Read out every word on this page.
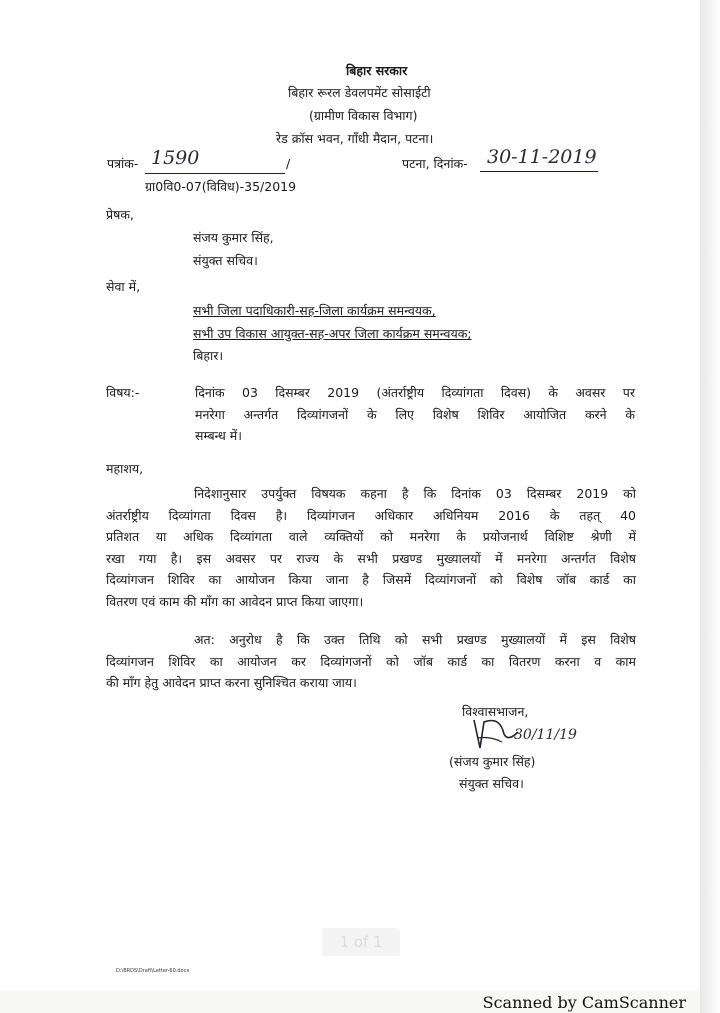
बिहार सरकार
बिहार रूरल डेवलपमेंट सोसाईटी
(ग्रामीण विकास विभाग)
रेड क्रॉस भवन, गाँधी मैदान, पटना।
पत्रांक- 1590	/	पटना, दिनांक- 30-11-2019
ग्रा0वि0-07(विविध)-35/2019
प्रेषक,
संजय कुमार सिंह,
संयुक्त सचिव।
सेवा में,
सभी जिला पदाधिकारी-सह-जिला कार्यक्रम समन्वयक,
सभी उप विकास आयुक्त-सह-अपर जिला कार्यक्रम समन्वयक;
बिहार।
विषय:-	दिनांक 03 दिसम्बर 2019 (अंतर्राष्ट्रीय दिव्यांगता दिवस) के अवसर पर

मनरेगा अन्तर्गत दिव्यांगजनों के लिए विशेष शिविर आयोजित करने के

सम्बन्ध में।

महाशय,

निदेशानुसार उपर्युक्त विषयक कहना है कि दिनांक 03 दिसम्बर 2019 को

अंतर्राष्ट्रीय दिव्यांगता दिवस है। दिव्यांगजन अधिकार अधिनियम 2016 के तहत् 40

प्रतिशत या अधिक दिव्यांगता वाले व्यक्तियों को मनरेगा के प्रयोजनार्थ विशिष्ट श्रेणी में

रखा गया है। इस अवसर पर राज्य के सभी प्रखण्ड मुख्यालयों में मनरेगा अन्तर्गत विशेष

दिव्यांगजन शिविर का आयोजन किया जाना है जिसमें दिव्यांगजनों को विशेष जॉब कार्ड का

वितरण एवं काम की माँग का आवेदन प्राप्त किया जाएगा।

अत: अनुरोध है कि उक्त तिथि को सभी प्रखण्ड मुख्यालयों में इस विशेष

दिव्यांगजन शिविर का आयोजन कर दिव्यांगजनों को जॉब कार्ड का वितरण करना व काम

की माँग हेतु आवेदन प्राप्त करना सुनिश्चित कराया जाय।

विश्वासभाजन,
30/11/19
(संजय कुमार सिंह)
संयुक्त सचिव।
1 of 1
D:\BRDS\Draft\Letter-60.docx
Scanned by CamScanner
